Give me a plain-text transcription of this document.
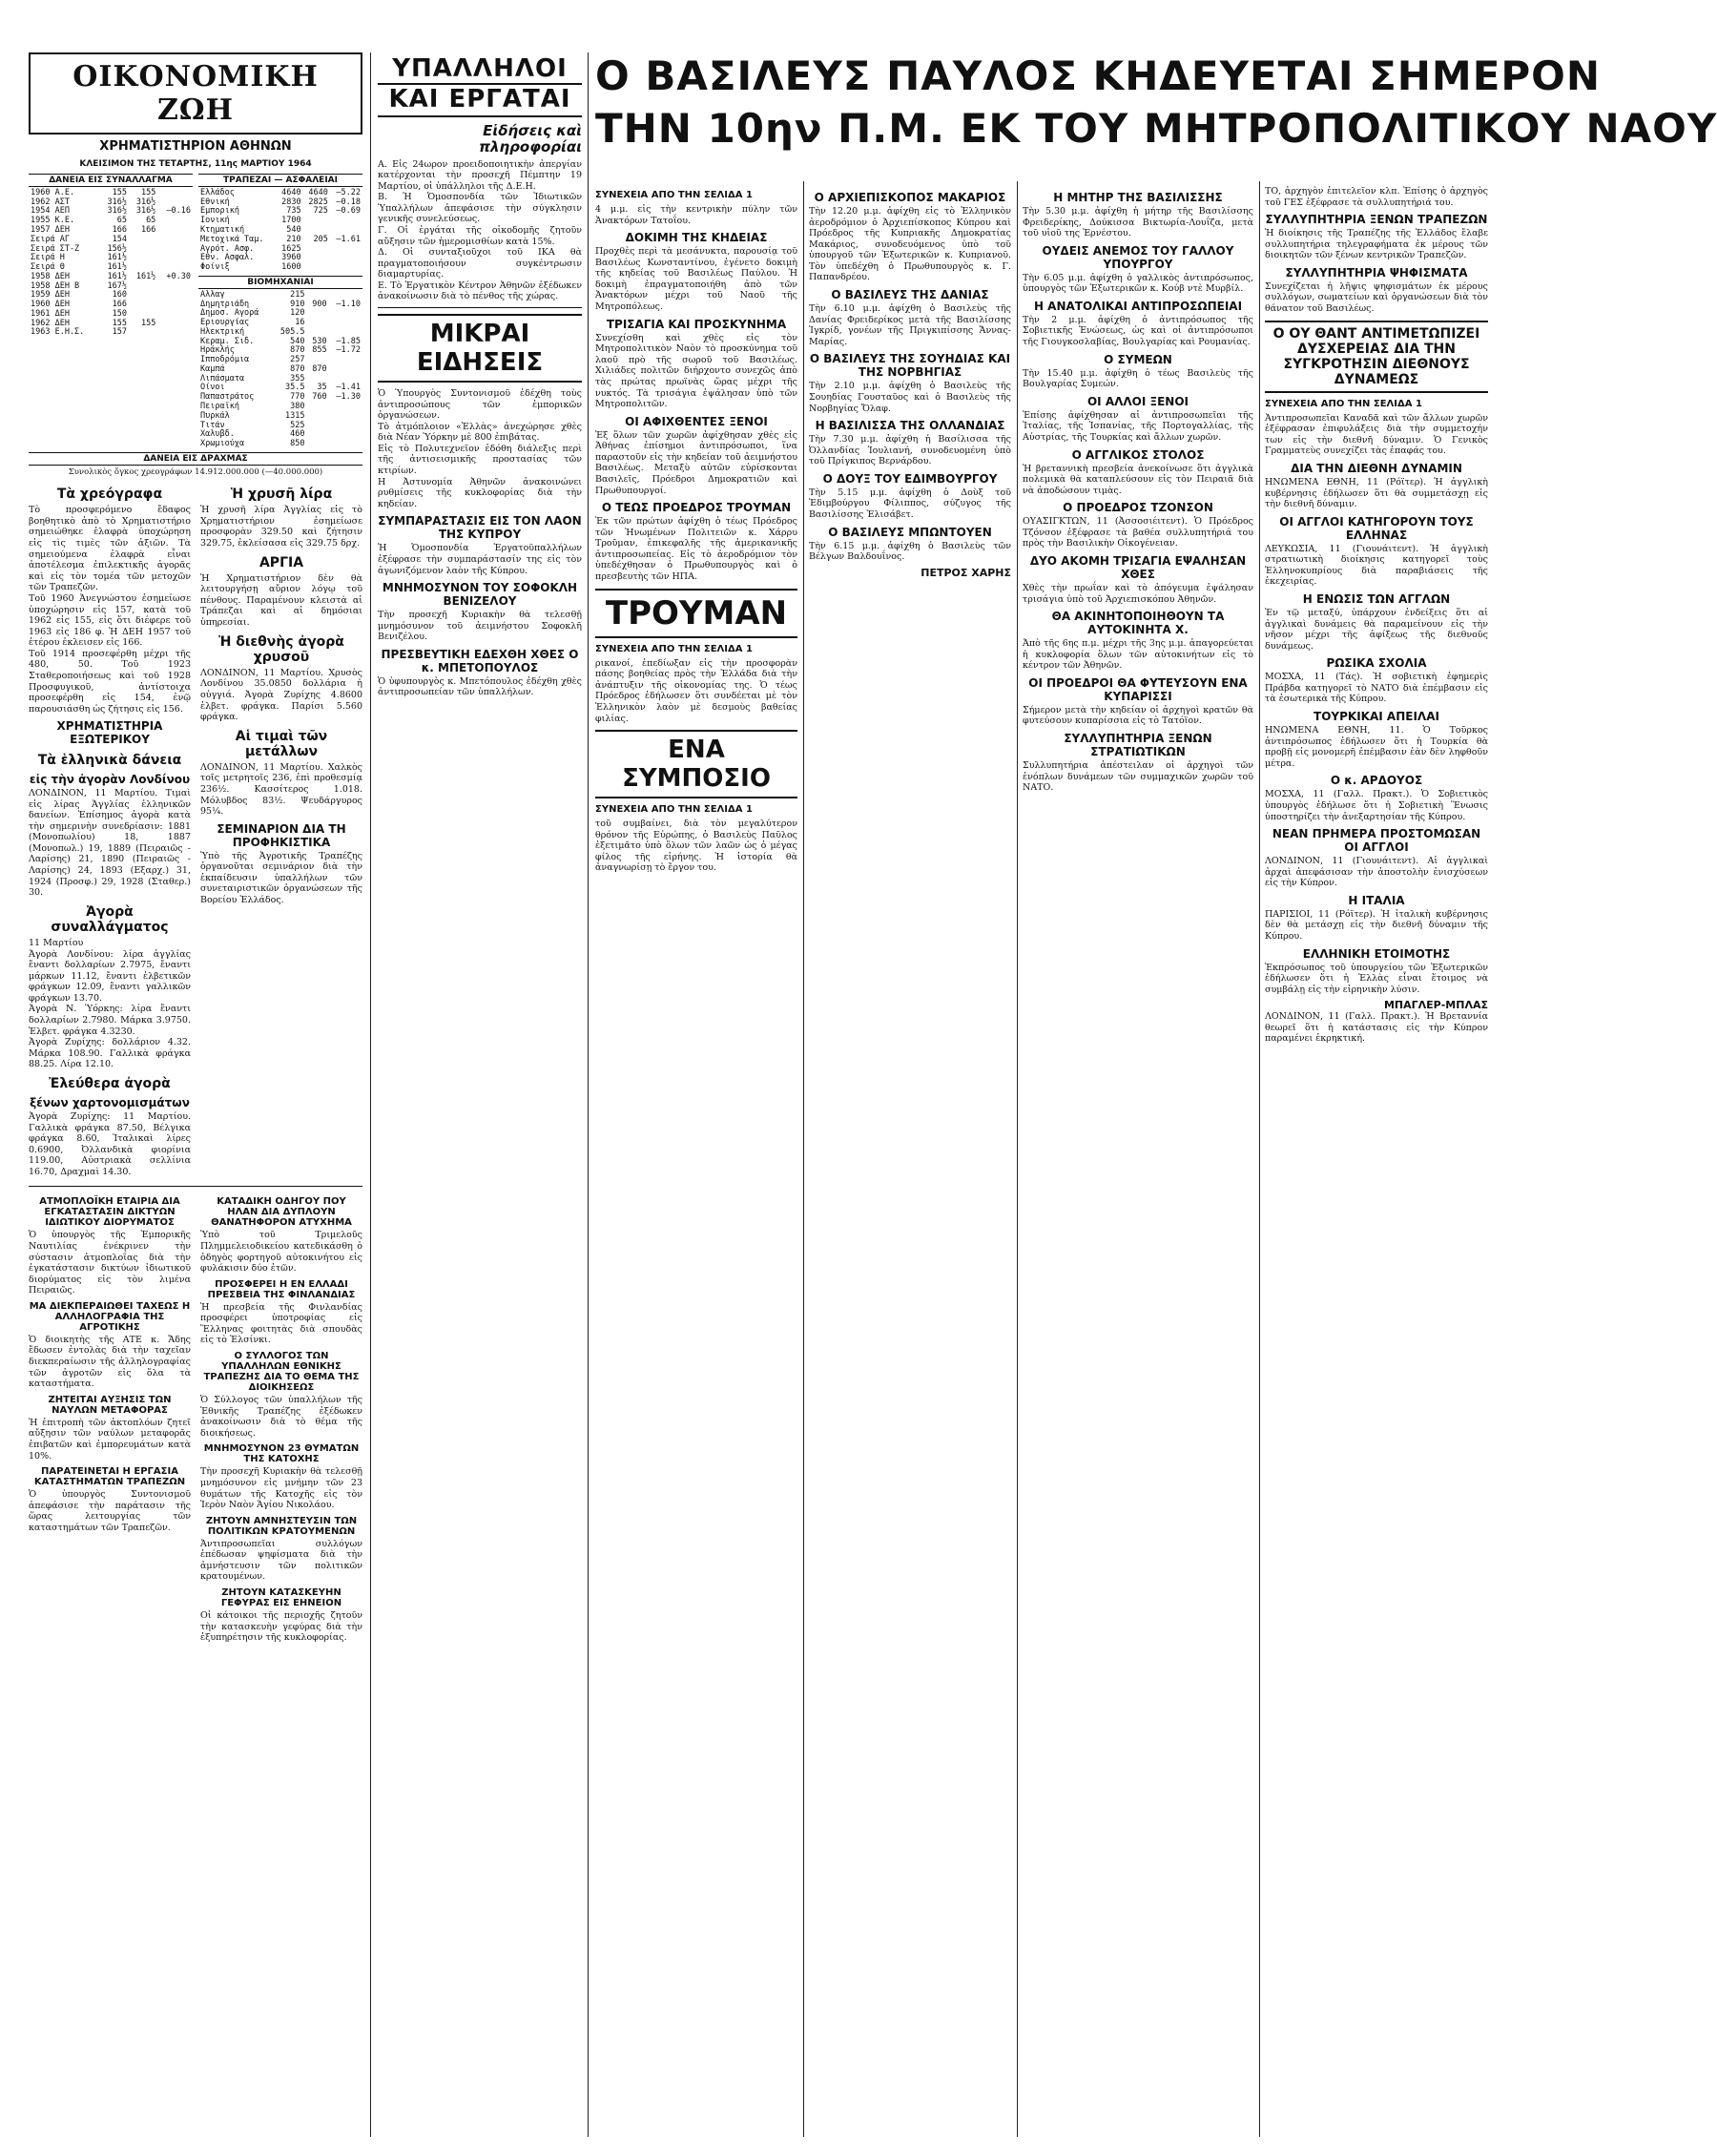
ΟΙΚΟΝΟΜΙΚΗ ΖΩΗ
ΧΡΗΜΑΤΙΣΤΗΡΙΟΝ ΑΘΗΝΩΝ
ΚΛΕΙΣΙΜΟΝ ΤΗΣ ΤΕΤΑΡΤΗΣ, 11ης ΜΑΡΤΙΟΥ 1964
ΔΑΝΕΙΑ ΕΙΣ ΣΥΝΑΛΛΑΓΜΑ
1960 Α.Ε.	155	155	
1962 ΑΣΤ	316½	316½	
1954 ΑΕΠ	316½	316½	—0.16
1955 Κ.Ε.	65	65	
1957 ΔΕΗ	166	166	
Σειρά ΑΓ	154		
Σειρά ΣΤ-Ζ	156½		
Σειρά Η	161½		
Σειρά Θ	161½		
1958 ΔΕΗ	161½	161½	+0.30
1958 ΔΕΗ Β	167½		
1959 ΔΕΗ	160		
1960 ΔΕΗ	166		
1961 ΔΕΗ	150		
1962 ΔΕΗ	155	155	
1963 Ε.Η.Σ.	157		
ΤΡΑΠΕΖΑΙ — ΑΣΦΑΛΕΙΑΙ
Ελλάδος	4640	4640	—5.22
Εθνική	2830	2825	—0.18
Εμπορική	735	725	—0.69
Ιονική	1700		
Κτηματική	540		
Μετοχικά Ταμ.	210	205	—1.61
Αγρότ. Ασφ.	1625		
Εθν. Ασφαλ.	3960		
Φοίνιξ	1600		
ΒΙΟΜΗΧΑΝΙΑΙ
Αλλαγ	215		
Δημητριάδη	910	900	—1.10
Δημοσ. Αγορά	120		
Εριουργίας	16		
Ηλεκτρική	505.5		
Κεραμ. Σιδ.	540	530	—1.85
Ηράκλής	870	855	—1.72
Ιπποδρόμια	257		
Καμπά	870	870	
Λιπάσματα	355		
Οίνοι	35.5	35	—1.41
Παπαστράτος	770	760	—1.30
Πειραϊκή	380		
Πυρκάλ	1315		
Τιτάν	525		
Χαλυβδ.	460		
Χρωμιούχα	850		
ΔΑΝΕΙΑ ΕΙΣ ΔΡΑΧΜΑΣ
Συνολικὸς ὄγκος χρεογράφων 14.912.000.000 (—40.000.000)
Τὰ χρεόγραφα
Τὸ προσφερόμενο ἔδαφος βοηθητικὸ ἀπὸ τὸ Χρηματιστήριο σημειώθηκε ἐλαφρὰ ὑποχώρηση εἰς τὶς τιμὲς τῶν ἀξιῶν. Τὰ σημειούμενα ἐλαφρὰ εἶναι ἀποτέλεσμα ἐπιλεκτικῆς ἀγορᾶς καὶ εἰς τὸν τομέα τῶν μετοχῶν τῶν Τραπεζῶν.
Τοῦ 1960 Ἀνεγνώστου ἐσημείωσε ὑποχώρησιν εἰς 157, κατὰ τοῦ 1962 εἰς 155, εἰς ὅτι διέφερε τοῦ 1963 εἰς 186 φ. Ἡ ΔΕΗ 1957 τοῦ ἐτέρου ἐκλεισεν εἰς 166.
Τοῦ 1914 προσεφέρθη μέχρι τῆς 480, 50. Τοῦ 1923 Σταθεροποιήσεως καὶ τοῦ 1928 Προσφυγικοῦ, ἀντίστοιχα προσεφέρθη εἰς 154, ἐνῷ παρουσιάσθη ὡς ζήτησις εἰς 156.
ΧΡΗΜΑΤΙΣΤΗΡΙΑ ΕΞΩΤΕΡΙΚΟΥ
Τὰ ἑλληνικὰ δάνεια
εἰς τὴν ἀγορὰν Λονδίνου
ΛΟΝΔΙΝΟΝ, 11 Μαρτίου. Τιμαὶ εἰς λίρας Ἀγγλίας ἑλληνικῶν δανείων. Ἐπίσημος ἀγορὰ κατὰ τὴν σημερινὴν συνεδρίασιν: 1881 (Μονοπωλίου) 18, 1887 (Μονοπωλ.) 19, 1889 (Πειραιῶς - Λαρίσης) 21, 1890 (Πειραιῶς - Λαρίσης) 24, 1893 (Εξαρχ.) 31, 1924 (Προσφ.) 29, 1928 (Σταθερ.) 30.
Ἀγορὰ συναλλάγματος
11 Μαρτίου
Ἀγορὰ Λονδίνου: λίρα ἀγγλίας ἔναντι δολλαρίων 2.7975, ἔναντι μάρκων 11.12, ἔναντι ἑλβετικῶν φράγκων 12.09, ἔναντι γαλλικῶν φράγκων 13.70.
Ἀγορὰ Ν. Ὑόρκης: λίρα ἔναντι δολλαρίων 2.7980. Μάρκα 3.9750. Ἑλβετ. φράγκα 4.3230.
Ἀγορὰ Ζυρίχης: δολλάριον 4.32. Μάρκα 108.90. Γαλλικὰ φράγκα 88.25. Λίρα 12.10.
Ἐλεύθερα ἀγορὰ
ξένων χαρτονομισμάτων
Ἀγορὰ Ζυρίχης: 11 Μαρτίου. Γαλλικὰ φράγκα 87.50, Βέλγικα φράγκα 8.60, Ἰταλικαὶ λίρες 0.6900, Ὀλλανδικὰ φιορίνια 119.00, Αὐστριακὰ σελλίνια 16.70, Δραχμαὶ 14.30.
Ἡ χρυσῆ λίρα
Ἡ χρυσῆ λίρα Ἀγγλίας εἰς τὸ Χρηματιστήριον ἐσημείωσε προσφορὰν 329.50 καὶ ζήτησιν 329.75, ἐκλείσασα εἰς 329.75 δρχ.
ΑΡΓΙΑ
Ἡ Χρηματιστήριον δὲν θὰ λειτουργήσῃ αὔριον λόγῳ τοῦ πένθους. Παραμένουν κλειστὰ αἱ Τράπεζαι καὶ αἱ δημόσιαι ὑπηρεσίαι.
Ἡ διεθνὴς ἀγορὰ χρυσοῦ
ΛΟΝΔΙΝΟΝ, 11 Μαρτίου. Χρυσὸς Λονδίνου 35.0850 δολλάρια ἡ οὐγγιά. Ἀγορὰ Ζυρίχης 4.8600 ἑλβετ. φράγκα. Παρίσι 5.560 φράγκα.
Αἱ τιμαὶ τῶν μετάλλων
ΛΟΝΔΙΝΟΝ, 11 Μαρτίου. Χαλκὸς τοῖς μετρητοῖς 236, ἐπὶ προθεσμίᾳ 236½. Κασσίτερος 1.018. Μόλυβδος 83½. Ψευδάργυρος 95¼.
ΣΕΜΙΝΑΡΙΟΝ ΔΙΑ ΤΗ ΠΡΟΦΗΚΙΣΤΙΚΑ
Ὑπὸ τῆς Ἀγροτικῆς Τραπέζης ὀργανοῦται σεμινάριον διὰ τὴν ἐκπαίδευσιν ὑπαλλήλων τῶν συνεταιριστικῶν ὀργανώσεων τῆς Βορείου Ἑλλάδος.
ΑΤΜΟΠΛΟΪΚΗ ΕΤΑΙΡΙΑ ΔΙΑ ΕΓΚΑΤΑΣΤΑΣΙΝ ΔΙΚΤΥΩΝ ΙΔΙΩΤΙΚΟΥ ΔΙΟΡΥΜΑΤΟΣ
Ὁ ὑπουργὸς τῆς Ἐμπορικῆς Ναυτιλίας ἐνέκρινεν τὴν σύστασιν ἀτμοπλοΐας διὰ τὴν ἐγκατάστασιν δικτύων ἰδιωτικοῦ διορύματος εἰς τὸν λιμένα Πειραιῶς.
ΜΑ ΔΙΕΚΠΕΡΑΙΩΘΕΙ ΤΑΧΕΩΣ Η ΑΛΛΗΛΟΓΡΑΦΙΑ ΤΗΣ ΑΓΡΟΤΙΚΗΣ
Ὁ διοικητὴς τῆς ΑΤΕ κ. Ἄδης ἔδωσεν ἐντολὰς διὰ τὴν ταχεῖαν διεκπεραίωσιν τῆς ἀλληλογραφίας τῶν ἀγροτῶν εἰς ὅλα τὰ καταστήματα.
ΖΗΤΕΙΤΑΙ ΑΥΞΗΣΙΣ ΤΩΝ ΝΑΥΛΩΝ ΜΕΤΑΦΟΡΑΣ
Ἡ ἐπιτροπὴ τῶν ἀκτοπλόων ζητεῖ αὔξησιν τῶν ναύλων μεταφορᾶς ἐπιβατῶν καὶ ἐμπορευμάτων κατὰ 10%.
ΠΑΡΑΤΕΙΝΕΤΑΙ Η ΕΡΓΑΣΙΑ ΚΑΤΑΣΤΗΜΑΤΩΝ ΤΡΑΠΕΖΩΝ
Ὁ ὑπουργὸς Συντονισμοῦ ἀπεφάσισε τὴν παράτασιν τῆς ὥρας λειτουργίας τῶν καταστημάτων τῶν Τραπεζῶν.
ΚΑΤΑΔΙΚΗ ΟΔΗΓΟΥ ΠΟΥ ΗΛΑΝ ΔΙΑ ΔΥΠΛΟΥΝ ΘΑΝΑΤΗΦΟΡΟΝ ΑΤΥΧΗΜΑ
Ὑπὸ τοῦ Τριμελοῦς Πλημμελειοδικείου κατεδικάσθη ὁ ὁδηγὸς φορτηγοῦ αὐτοκινήτου εἰς φυλάκισιν δύο ἐτῶν.
ΠΡΟΣΦΕΡΕΙ Η ΕΝ ΕΛΛΑΔΙ ΠΡΕΣΒΕΙΑ ΤΗΣ ΦΙΝΛΑΝΔΙΑΣ
Ἡ πρεσβεία τῆς Φινλανδίας προσφέρει ὑποτροφίας εἰς Ἕλληνας φοιτητὰς διὰ σπουδὰς εἰς τὸ Ἐλσίνκι.
Ο ΣΥΛΛΟΓΟΣ ΤΩΝ ΥΠΑΛΛΗΛΩΝ ΕΘΝΙΚΗΣ ΤΡΑΠΕΖΗΣ ΔΙΑ ΤΟ ΘΕΜΑ ΤΗΣ ΔΙΟΙΚΗΣΕΩΣ
Ὁ Σύλλογος τῶν ὑπαλλήλων τῆς Ἐθνικῆς Τραπέζης ἐξέδωκεν ἀνακοίνωσιν διὰ τὸ θέμα τῆς διοικήσεως.
ΜΝΗΜΟΣΥΝΟΝ 23 ΘΥΜΑΤΩΝ ΤΗΣ ΚΑΤΟΧΗΣ
Τὴν προσεχῆ Κυριακὴν θὰ τελεσθῇ μνημόσυνον εἰς μνήμην τῶν 23 θυμάτων τῆς Κατοχῆς εἰς τὸν Ἱερὸν Ναὸν Ἁγίου Νικολάου.
ΖΗΤΟΥΝ ΑΜΝΗΣΤΕΥΣΙΝ ΤΩΝ ΠΟΛΙΤΙΚΩΝ ΚΡΑΤΟΥΜΕΝΩΝ
Ἀντιπροσωπεῖαι συλλόγων ἐπέδωσαν ψηφίσματα διὰ τὴν ἀμνήστευσιν τῶν πολιτικῶν κρατουμένων.
ΖΗΤΟΥΝ ΚΑΤΑΣΚΕΥΗΝ ΓΕΦΥΡΑΣ ΕΙΣ ΕΗΝΕΙΟΝ
Οἱ κάτοικοι τῆς περιοχῆς ζητοῦν τὴν κατασκευὴν γεφύρας διὰ τὴν ἐξυπηρέτησιν τῆς κυκλοφορίας.
ΥΠΑΛΛΗΛΟΙ
ΚΑΙ ΕΡΓΑΤΑΙ
Εἰδήσεις καὶ πληροφορίαι
Α. Εἰς 24ωρον προειδοποιητικὴν ἀπεργίαν κατέρχονται τὴν προσεχῆ Πέμπτην 19 Μαρτίου, οἱ ὑπάλληλοι τῆς Δ.Ε.Η.
Β. Ἡ Ὁμοσπονδία τῶν Ἰδιωτικῶν Ὑπαλλήλων ἀπεφάσισε τὴν σύγκλησιν γενικῆς συνελεύσεως.
Γ. Οἱ ἐργάται τῆς οἰκοδομῆς ζητοῦν αὔξησιν τῶν ἡμερομισθίων κατὰ 15%.
Δ. Οἱ συνταξιοῦχοι τοῦ ΙΚΑ θὰ πραγματοποιήσουν συγκέντρωσιν διαμαρτυρίας.
Ε. Τὸ Ἐργατικὸν Κέντρον Ἀθηνῶν ἐξέδωκεν ἀνακοίνωσιν διὰ τὸ πένθος τῆς χώρας.
ΜΙΚΡΑΙ ΕΙΔΗΣΕΙΣ
Ὁ Ὑπουργὸς Συντονισμοῦ ἐδέχθη τοὺς ἀντιπροσώπους τῶν ἐμπορικῶν ὀργανώσεων.
Τὸ ἀτμόπλοιον «Ἑλλὰς» ἀνεχώρησε χθὲς διὰ Νέαν Ὑόρκην μὲ 800 ἐπιβάτας.
Εἰς τὸ Πολυτεχνεῖον ἐδόθη διάλεξις περὶ τῆς ἀντισεισμικῆς προστασίας τῶν κτιρίων.
Η Ἀστυνομία Ἀθηνῶν ἀνακοινώνει ρυθμίσεις τῆς κυκλοφορίας διὰ τὴν κηδείαν.
ΣΥΜΠΑΡΑΣΤΑΣΙΣ ΕΙΣ ΤΟΝ ΛΑΟΝ ΤΗΣ ΚΥΠΡΟΥ
Ἡ Ὁμοσπονδία Ἐργατοϋπαλλήλων ἐξέφρασε τὴν συμπαράστασίν της εἰς τὸν ἀγωνιζόμενον λαὸν τῆς Κύπρου.
ΜΝΗΜΟΣΥΝΟΝ ΤΟΥ ΣΟΦΟΚΛΗ ΒΕΝΙΖΕΛΟΥ
Τὴν προσεχῆ Κυριακὴν θὰ τελεσθῇ μνημόσυνον τοῦ ἀειμνήστου Σοφοκλῆ Βενιζέλου.
ΠΡΕΣΒΕΥΤΙΚΗ ΕΔΕΧΘΗ ΧΘΕΣ Ο κ. ΜΠΕΤΟΠΟΥΛΟΣ
Ὁ ὑφυπουργὸς κ. Μπετόπουλος ἐδέχθη χθὲς ἀντιπροσωπείαν τῶν ὑπαλλήλων.
Ο ΒΑΣΙΛΕΥΣ ΠΑΥΛΟΣ ΚΗΔΕΥΕΤΑΙ ΣΗΜΕΡΟΝ
ΤΗΝ 10ην Π.Μ. ΕΚ ΤΟΥ ΜΗΤΡΟΠΟΛΙΤΙΚΟΥ ΝΑΟΥ
ΣΥΝΕΧΕΙΑ ΑΠΟ ΤΗΝ ΣΕΛΙΔΑ 1
4 μ.μ. εἰς τὴν κεντρικὴν πύλην τῶν Ἀνακτόρων Τατοΐου.
ΔΟΚΙΜΗ ΤΗΣ ΚΗΔΕΙΑΣ
Προχθὲς περὶ τὰ μεσάνυκτα, παρουσίᾳ τοῦ Βασιλέως Κωνσταντίνου, ἐγένετο δοκιμὴ τῆς κηδείας τοῦ Βασιλέως Παύλου. Ἡ δοκιμὴ ἐπραγματοποιήθη ἀπὸ τῶν Ἀνακτόρων μέχρι τοῦ Ναοῦ τῆς Μητροπόλεως.
ΤΡΙΣΑΓΙΑ ΚΑΙ ΠΡΟΣΚΥΝΗΜΑ
Συνεχίσθη καὶ χθὲς εἰς τὸν Μητροπολιτικὸν Ναὸν τὸ προσκύνημα τοῦ λαοῦ πρὸ τῆς σωροῦ τοῦ Βασιλέως. Χιλιάδες πολιτῶν διήρχοντο συνεχῶς ἀπὸ τὰς πρώτας πρωϊνὰς ὥρας μέχρι τῆς νυκτός. Τὰ τρισάγια ἐψάλησαν ὑπὸ τῶν Μητροπολιτῶν.
ΟΙ ΑΦΙΧΘΕΝΤΕΣ ΞΕΝΟΙ
Ἐξ ὅλων τῶν χωρῶν ἀφίχθησαν χθὲς εἰς Ἀθήνας ἐπίσημοι ἀντιπρόσωποι, ἵνα παραστοῦν εἰς τὴν κηδείαν τοῦ ἀειμνήστου Βασιλέως. Μεταξὺ αὐτῶν εὑρίσκονται Βασιλεῖς, Πρόεδροι Δημοκρατιῶν καὶ Πρωθυπουργοί.
Ο ΤΕΩΣ ΠΡΟΕΔΡΟΣ ΤΡΟΥΜΑΝ
Ἐκ τῶν πρώτων ἀφίχθη ὁ τέως Πρόεδρος τῶν Ἡνωμένων Πολιτειῶν κ. Χάρρυ Τροῦμαν, ἐπικεφαλῆς τῆς ἀμερικανικῆς ἀντιπροσωπείας. Εἰς τὸ ἀεροδρόμιον τὸν ὑπεδέχθησαν ὁ Πρωθυπουργὸς καὶ ὁ πρεσβευτὴς τῶν ΗΠΑ.
ΤΡΟΥΜΑΝ
ΣΥΝΕΧΕΙΑ ΑΠΟ ΤΗΝ ΣΕΛΙΔΑ 1
ρικανοί, ἐπεδίωξαν εἰς τὴν προσφορὰν πάσης βοηθείας πρὸς τὴν Ἑλλάδα διὰ τὴν ἀνάπτυξιν τῆς οἰκονομίας της. Ὁ τέως Πρόεδρος ἐδήλωσεν ὅτι συνδέεται μὲ τὸν Ἑλληνικὸν λαὸν μὲ δεσμοὺς βαθείας φιλίας.
ΕΝΑ ΣΥΜΠΟΣΙΟ
ΣΥΝΕΧΕΙΑ ΑΠΟ ΤΗΝ ΣΕΛΙΔΑ 1
τοῦ συμβαίνει, διὰ τὸν μεγαλύτερον θρόνον τῆς Εὐρώπης, ὁ Βασιλεὺς Παῦλος ἐξετιμᾶτο ὑπὸ ὅλων τῶν λαῶν ὡς ὁ μέγας φίλος τῆς εἰρήνης. Ἡ ἱστορία θὰ ἀναγνωρίσῃ τὸ ἔργον του.
Ο ΑΡΧΙΕΠΙΣΚΟΠΟΣ ΜΑΚΑΡΙΟΣ
Τὴν 12.20 μ.μ. ἀφίχθη εἰς τὸ Ἑλληνικὸν ἀεροδρόμιον ὁ Ἀρχιεπίσκοπος Κύπρου καὶ Πρόεδρος τῆς Κυπριακῆς Δημοκρατίας Μακάριος, συνοδευόμενος ὑπὸ τοῦ ὑπουργοῦ τῶν Ἐξωτερικῶν κ. Κυπριανοῦ. Τὸν ὑπεδέχθη ὁ Πρωθυπουργὸς κ. Γ. Παπανδρέου.
Ο ΒΑΣΙΛΕΥΣ ΤΗΣ ΔΑΝΙΑΣ
Τὴν 6.10 μ.μ. ἀφίχθη ὁ Βασιλεὺς τῆς Δανίας Φρειδερίκος μετὰ τῆς Βασιλίσσης Ἰγκρίδ, γονέων τῆς Πριγκιπίσσης Ἄννας-Μαρίας.
Ο ΒΑΣΙΛΕΥΣ ΤΗΣ ΣΟΥΗΔΙΑΣ ΚΑΙ ΤΗΣ ΝΟΡΒΗΓΙΑΣ
Τὴν 2.10 μ.μ. ἀφίχθη ὁ Βασιλεὺς τῆς Σουηδίας Γουσταῦος καὶ ὁ Βασιλεὺς τῆς Νορβηγίας Ὄλαφ.
Η ΒΑΣΙΛΙΣΣΑ ΤΗΣ ΟΛΛΑΝΔΙΑΣ
Τὴν 7.30 μ.μ. ἀφίχθη ἡ Βασίλισσα τῆς Ὀλλανδίας Ἰουλιανή, συνοδευομένη ὑπὸ τοῦ Πρίγκιπος Βερνάρδου.
Ο ΔΟΥΞ ΤΟΥ ΕΔΙΜΒΟΥΡΓΟΥ
Τὴν 5.15 μ.μ. ἀφίχθη ὁ Δοὺξ τοῦ Ἐδιμβούργου Φίλιππος, σύζυγος τῆς Βασιλίσσης Ἐλισάβετ.
Ο ΒΑΣΙΛΕΥΣ ΜΠΩΝΤΟΥΕΝ
Τὴν 6.15 μ.μ. ἀφίχθη ὁ Βασιλεὺς τῶν Βέλγων Βαλδουΐνος.
ΠΕΤΡΟΣ ΧΑΡΗΣ
Η ΜΗΤΗΡ ΤΗΣ ΒΑΣΙΛΙΣΣΗΣ
Τὴν 5.30 μ.μ. ἀφίχθη ἡ μήτηρ τῆς Βασιλίσσης Φρειδερίκης, Δούκισσα Βικτωρία-Λουΐζα, μετὰ τοῦ υἱοῦ της Ἐρνέστου.
ΟΥΔΕΙΣ ΑΝΕΜΟΣ ΤΟΥ ΓΑΛΛΟΥ ΥΠΟΥΡΓΟΥ
Τὴν 6.05 μ.μ. ἀφίχθη ὁ γαλλικὸς ἀντιπρόσωπος, ὑπουργὸς τῶν Ἐξωτερικῶν κ. Κούβ ντὲ Μυρβίλ.
Η ΑΝΑΤΟΛΙΚΑΙ ΑΝΤΙΠΡΟΣΩΠΕΙΑΙ
Τὴν 2 μ.μ. ἀφίχθη ὁ ἀντιπρόσωπος τῆς Σοβιετικῆς Ἑνώσεως, ὡς καὶ οἱ ἀντιπρόσωποι τῆς Γιουγκοσλαβίας, Βουλγαρίας καὶ Ρουμανίας.
Ο ΣΥΜΕΩΝ
Τὴν 15.40 μ.μ. ἀφίχθη ὁ τέως Βασιλεὺς τῆς Βουλγαρίας Συμεών.
ΟΙ ΑΛΛΟΙ ΞΕΝΟΙ
Ἐπίσης ἀφίχθησαν αἱ ἀντιπροσωπεῖαι τῆς Ἰταλίας, τῆς Ἰσπανίας, τῆς Πορτογαλλίας, τῆς Αὐστρίας, τῆς Τουρκίας καὶ ἄλλων χωρῶν.
Ο ΑΓΓΛΙΚΟΣ ΣΤΟΛΟΣ
Ἡ βρεταννικὴ πρεσβεία ἀνεκοίνωσε ὅτι ἀγγλικὰ πολεμικὰ θὰ καταπλεύσουν εἰς τὸν Πειραιᾶ διὰ νὰ ἀποδώσουν τιμὰς.
Ο ΠΡΟΕΔΡΟΣ ΤΖΟΝΣΟΝ
ΟΥΑΣΙΓΚΤΩΝ, 11 (Ἀσσοσιέιτεντ). Ὁ Πρόεδρος Τζόνσον ἐξέφρασε τὰ βαθέα συλλυπητήριά του πρὸς τὴν Βασιλικὴν Οἰκογένειαν.
ΔΥΟ ΑΚΟΜΗ ΤΡΙΣΑΓΙΑ ΕΨΑΛΗΣΑΝ ΧΘΕΣ
Χθὲς τὴν πρωΐαν καὶ τὸ ἀπόγευμα ἐψάλησαν τρισάγια ὑπὸ τοῦ Ἀρχιεπισκόπου Ἀθηνῶν.
ΘΑ ΑΚΙΝΗΤΟΠΟΙΗΘΟΥΝ ΤΑ ΑΥΤΟΚΙΝΗΤΑ Χ.
Ἀπὸ τῆς 6ης π.μ. μέχρι τῆς 3ης μ.μ. ἀπαγορεύεται ἡ κυκλοφορία ὅλων τῶν αὐτοκινήτων εἰς τὸ κέντρον τῶν Ἀθηνῶν.
ΟΙ ΠΡΟΕΔΡΟΙ ΘΑ ΦΥΤΕΥΣΟΥΝ ΕΝΑ ΚΥΠΑΡΙΣΣΙ
Σήμερον μετὰ τὴν κηδείαν οἱ ἀρχηγοὶ κρατῶν θὰ φυτεύσουν κυπαρίσσια εἰς τὸ Τατόϊον.
ΣΥΛΛΥΠΗΤΗΡΙΑ ΞΕΝΩΝ ΣΤΡΑΤΙΩΤΙΚΩΝ
Συλλυπητήρια ἀπέστειλαν οἱ ἀρχηγοὶ τῶν ἐνόπλων δυνάμεων τῶν συμμαχικῶν χωρῶν τοῦ ΝΑΤΟ.
ΤΟ, ἀρχηγὸν ἐπιτελεῖον κλπ. Ἐπίσης ὁ ἀρχηγὸς τοῦ ΓΕΣ ἐξέφρασε τὰ συλλυπητήριά του.
ΣΥΛΛΥΠΗΤΗΡΙΑ ΞΕΝΩΝ ΤΡΑΠΕΖΩΝ
Ἡ διοίκησις τῆς Τραπέζης τῆς Ἑλλάδος ἔλαβε συλλυπητήρια τηλεγραφήματα ἐκ μέρους τῶν διοικητῶν τῶν ξένων κεντρικῶν Τραπεζῶν.
ΣΥΛΛΥΠΗΤΗΡΙΑ ΨΗΦΙΣΜΑΤΑ
Συνεχίζεται ἡ λῆψις ψηφισμάτων ἐκ μέρους συλλόγων, σωματείων καὶ ὀργανώσεων διὰ τὸν θάνατον τοῦ Βασιλέως.
Ο ΟΥ ΘΑΝΤ ΑΝΤΙΜΕΤΩΠΙΖΕΙ ΔΥΣΧΕΡΕΙΑΣ ΔΙΑ ΤΗΝ ΣΥΓΚΡΟΤΗΣΙΝ ΔΙΕΘΝΟΥΣ ΔΥΝΑΜΕΩΣ
ΣΥΝΕΧΕΙΑ ΑΠΟ ΤΗΝ ΣΕΛΙΔΑ 1
Ἀντιπροσωπεῖαι Καναδᾶ καὶ τῶν ἄλλων χωρῶν ἐξέφρασαν ἐπιφυλάξεις διὰ τὴν συμμετοχήν των εἰς τὴν διεθνῆ δύναμιν. Ὁ Γενικὸς Γραμματεὺς συνεχίζει τὰς ἐπαφάς του.
ΔΙΑ ΤΗΝ ΔΙΕΘΝΗ ΔΥΝΑΜΙΝ
ΗΝΩΜΕΝΑ ΕΘΝΗ, 11 (Ρόϊτερ). Ἡ ἀγγλικὴ κυβέρνησις ἐδήλωσεν ὅτι θὰ συμμετάσχῃ εἰς τὴν διεθνῆ δύναμιν.
ΟΙ ΑΓΓΛΟΙ ΚΑΤΗΓΟΡΟΥΝ ΤΟΥΣ ΕΛΛΗΝΑΣ
ΛΕΥΚΩΣΙΑ, 11 (Γιουνάιτεντ). Ἡ ἀγγλικὴ στρατιωτικὴ διοίκησις κατηγορεῖ τοὺς Ἑλληνοκυπρίους διὰ παραβιάσεις τῆς ἐκεχειρίας.
Η ΕΝΩΣΙΣ ΤΩΝ ΑΓΓΛΩΝ
Ἐν τῷ μεταξύ, ὑπάρχουν ἐνδείξεις ὅτι αἱ ἀγγλικαὶ δυνάμεις θὰ παραμείνουν εἰς τὴν νῆσον μέχρι τῆς ἀφίξεως τῆς διεθνοῦς δυνάμεως.
ΡΩΣΙΚΑ ΣΧΟΛΙΑ
ΜΟΣΧΑ, 11 (Τάς). Ἡ σοβιετικὴ ἐφημερὶς Πράβδα κατηγορεῖ τὸ ΝΑΤΟ διὰ ἐπέμβασιν εἰς τὰ ἐσωτερικὰ τῆς Κύπρου.
ΤΟΥΡΚΙΚΑΙ ΑΠΕΙΛΑΙ
ΗΝΩΜΕΝΑ ΕΘΝΗ, 11. Ὁ Τοῦρκος ἀντιπρόσωπος ἐδήλωσεν ὅτι ἡ Τουρκία θὰ προβῇ εἰς μονομερῆ ἐπέμβασιν ἐὰν δὲν ληφθοῦν μέτρα.
Ο κ. ΑΡΔΟΥΟΣ
ΜΟΣΧΑ, 11 (Γαλλ. Πρακτ.). Ὁ Σοβιετικὸς ὑπουργὸς ἐδήλωσε ὅτι ἡ Σοβιετικὴ Ἕνωσις ὑποστηρίζει τὴν ἀνεξαρτησίαν τῆς Κύπρου.
ΝΕΑΝ ΠΡΗΜΕΡΑ ΠΡΟΣΤΟΜΩΣΑΝ ΟΙ ΑΓΓΛΟΙ
ΛΟΝΔΙΝΟΝ, 11 (Γιουνάιτεντ). Αἱ ἀγγλικαὶ ἀρχαὶ ἀπεφάσισαν τὴν ἀποστολὴν ἐνισχύσεων εἰς τὴν Κύπρον.
Η ΙΤΑΛΙΑ
ΠΑΡΙΣΙΟΙ, 11 (Ρόϊτερ). Ἡ ἰταλικὴ κυβέρνησις δὲν θὰ μετάσχῃ εἰς τὴν διεθνῆ δύναμιν τῆς Κύπρου.
ΕΛΛΗΝΙΚΗ ΕΤΟΙΜΟΤΗΣ
Ἐκπρόσωπος τοῦ ὑπουργείου τῶν Ἐξωτερικῶν ἐδήλωσεν ὅτι ἡ Ἑλλὰς εἶναι ἕτοιμος νὰ συμβάλῃ εἰς τὴν εἰρηνικὴν λύσιν.
ΜΠΑΓΛΕΡ-ΜΠΛΑΣ
ΛΟΝΔΙΝΟΝ, 11 (Γαλλ. Πρακτ.). Ἡ Βρεταννία θεωρεῖ ὅτι ἡ κατάστασις εἰς τὴν Κύπρον παραμένει ἐκρηκτική.
